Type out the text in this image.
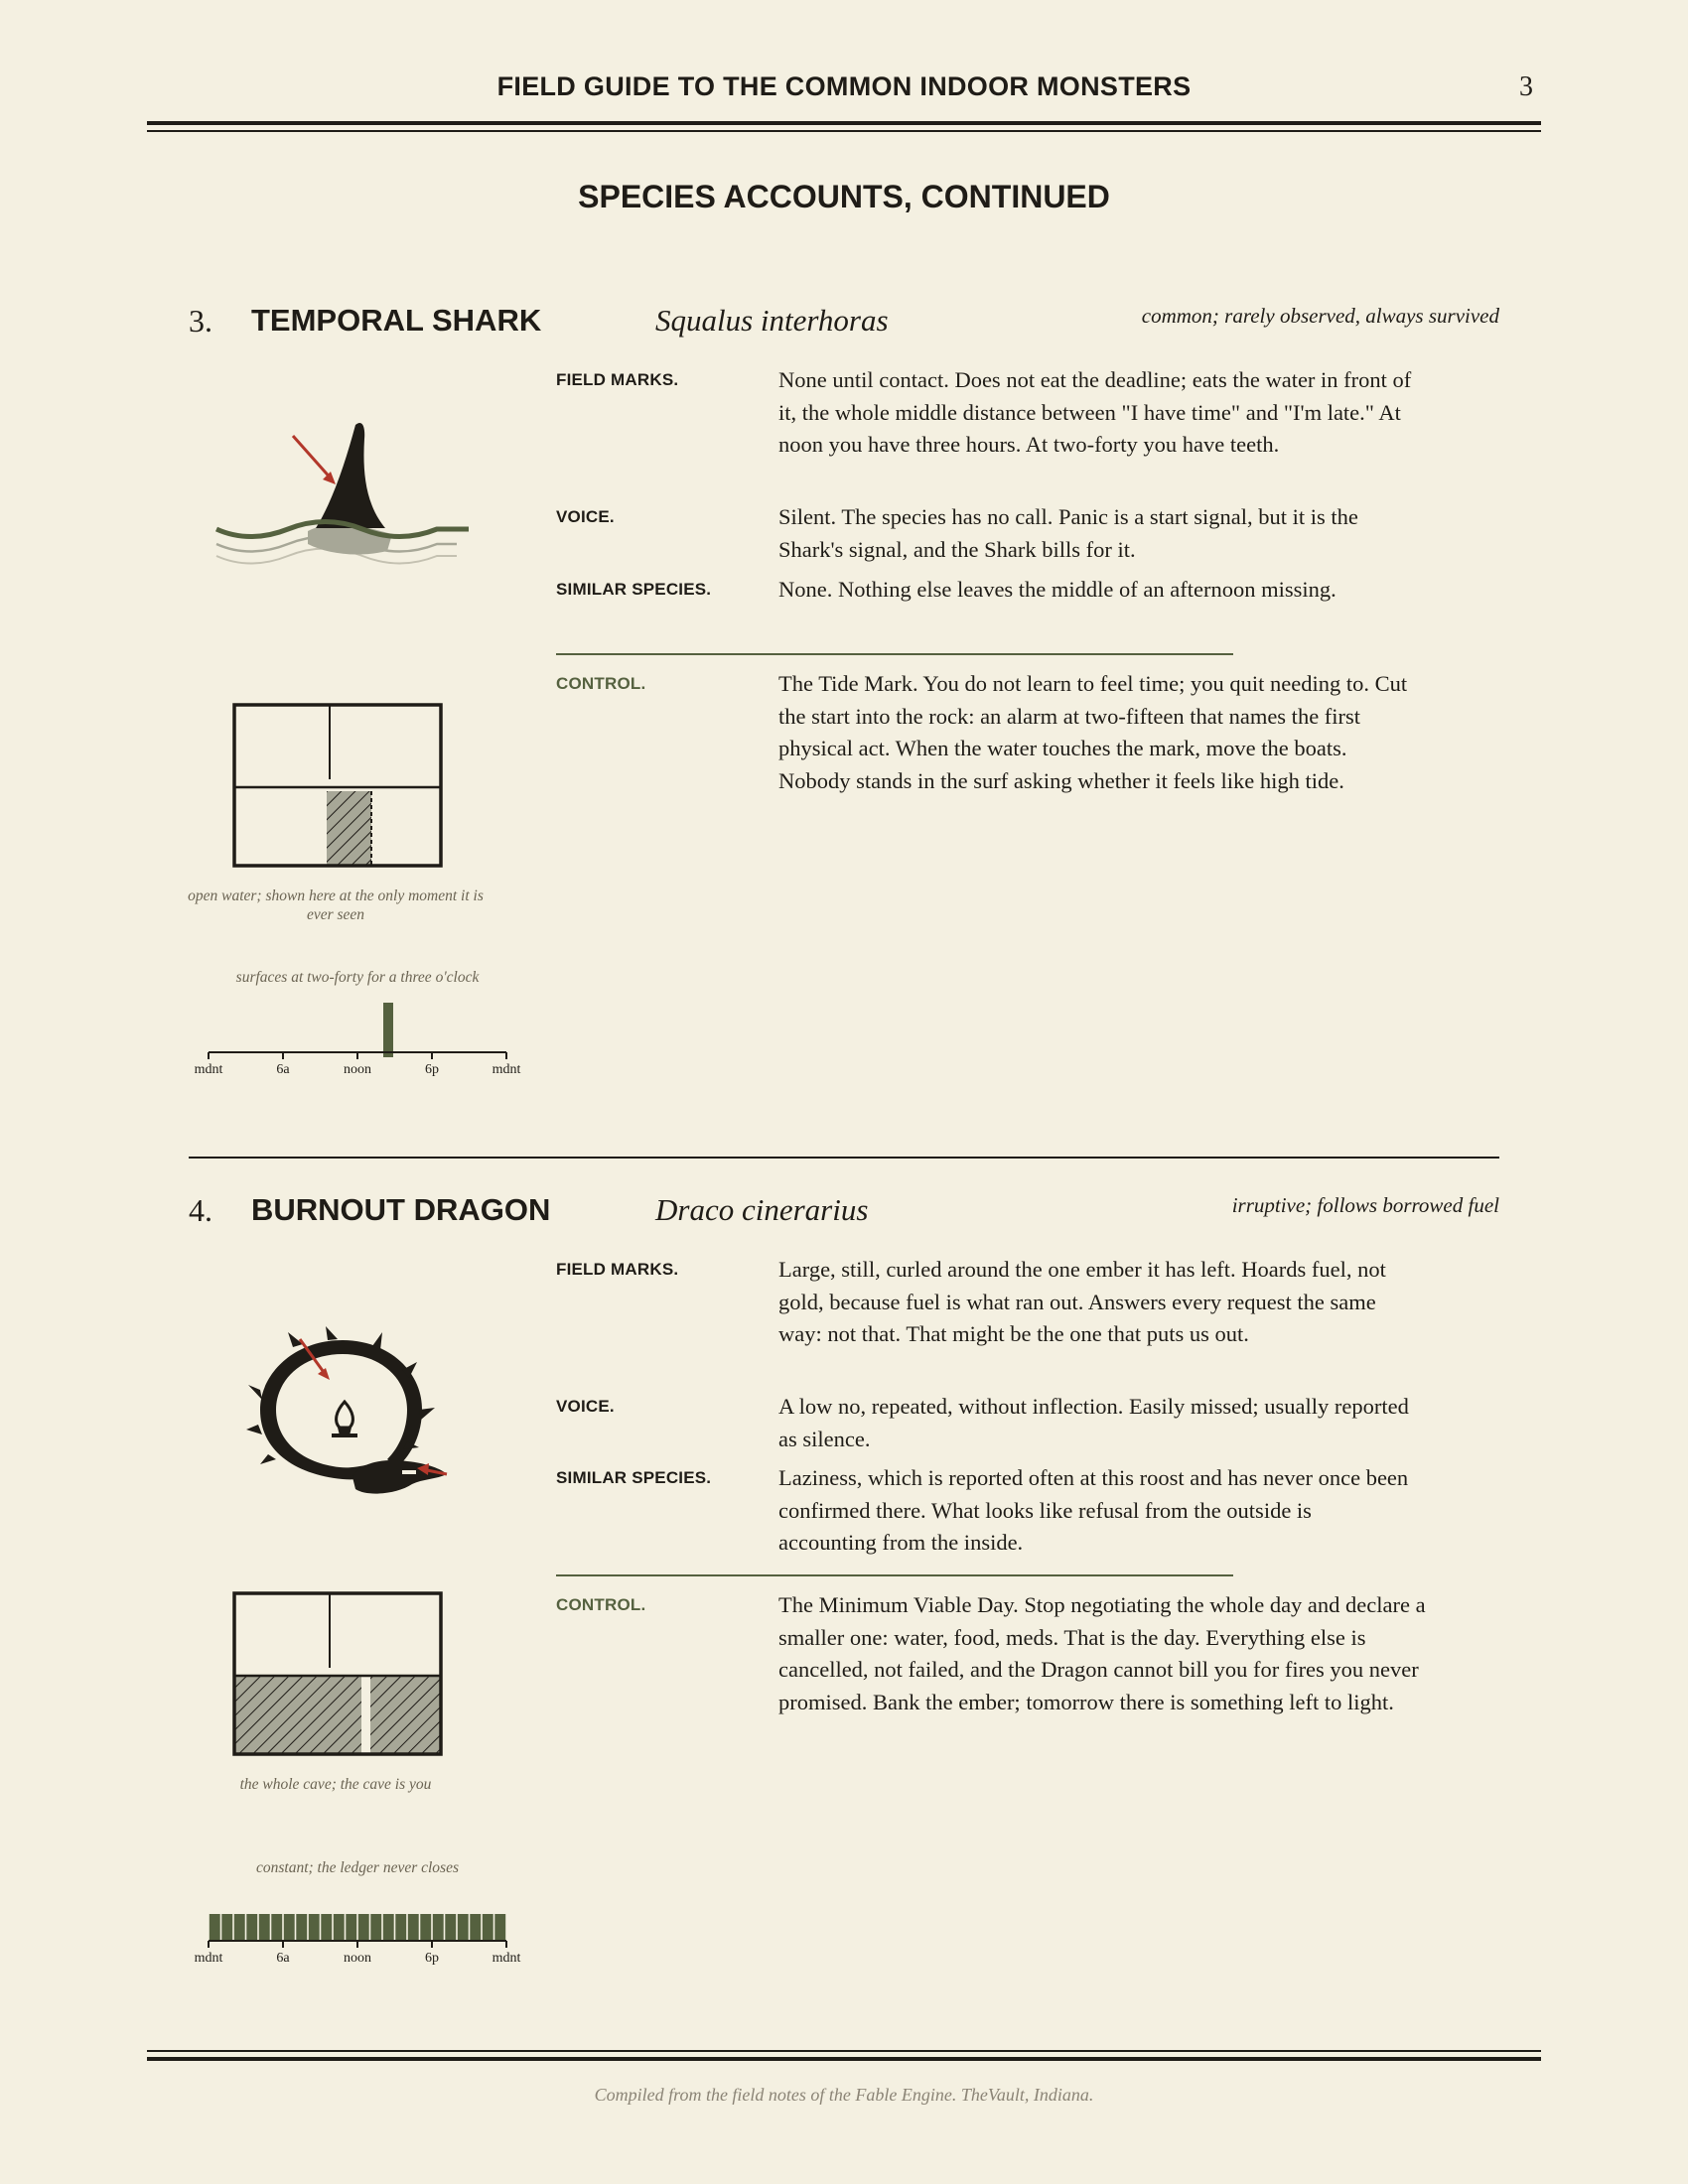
FIELD GUIDE TO THE COMMON INDOOR MONSTERS	3
SPECIES ACCOUNTS, CONTINUED
3. TEMPORAL SHARK	Squalus interhoras	common; rarely observed, always survived
open water; shown here at the only moment it is ever seen
surfaces at two-forty for a three o'clock
mdnt	6a	noon	6p	mdnt
FIELD MARKS.	None until contact. Does not eat the deadline; eats the water in front of it, the whole middle distance between "I have time" and "I'm late." At noon you have three hours. At two-forty you have teeth.
VOICE.	Silent. The species has no call. Panic is a start signal, but it is the Shark's signal, and the Shark bills for it.
SIMILAR SPECIES.	None. Nothing else leaves the middle of an afternoon missing.
CONTROL.	The Tide Mark. You do not learn to feel time; you quit needing to. Cut the start into the rock: an alarm at two-fifteen that names the first physical act. When the water touches the mark, move the boats. Nobody stands in the surf asking whether it feels like high tide.
4. BURNOUT DRAGON	Draco cinerarius	irruptive; follows borrowed fuel
the whole cave; the cave is you
constant; the ledger never closes
mdnt	6a	noon	6p	mdnt
FIELD MARKS.	Large, still, curled around the one ember it has left. Hoards fuel, not gold, because fuel is what ran out. Answers every request the same way: not that. That might be the one that puts us out.
VOICE.	A low no, repeated, without inflection. Easily missed; usually reported as silence.
SIMILAR SPECIES.	Laziness, which is reported often at this roost and has never once been confirmed there. What looks like refusal from the outside is accounting from the inside.
CONTROL.	The Minimum Viable Day. Stop negotiating the whole day and declare a smaller one: water, food, meds. That is the day. Everything else is cancelled, not failed, and the Dragon cannot bill you for fires you never promised. Bank the ember; tomorrow there is something left to light.
Compiled from the field notes of the Fable Engine. TheVault, Indiana.
